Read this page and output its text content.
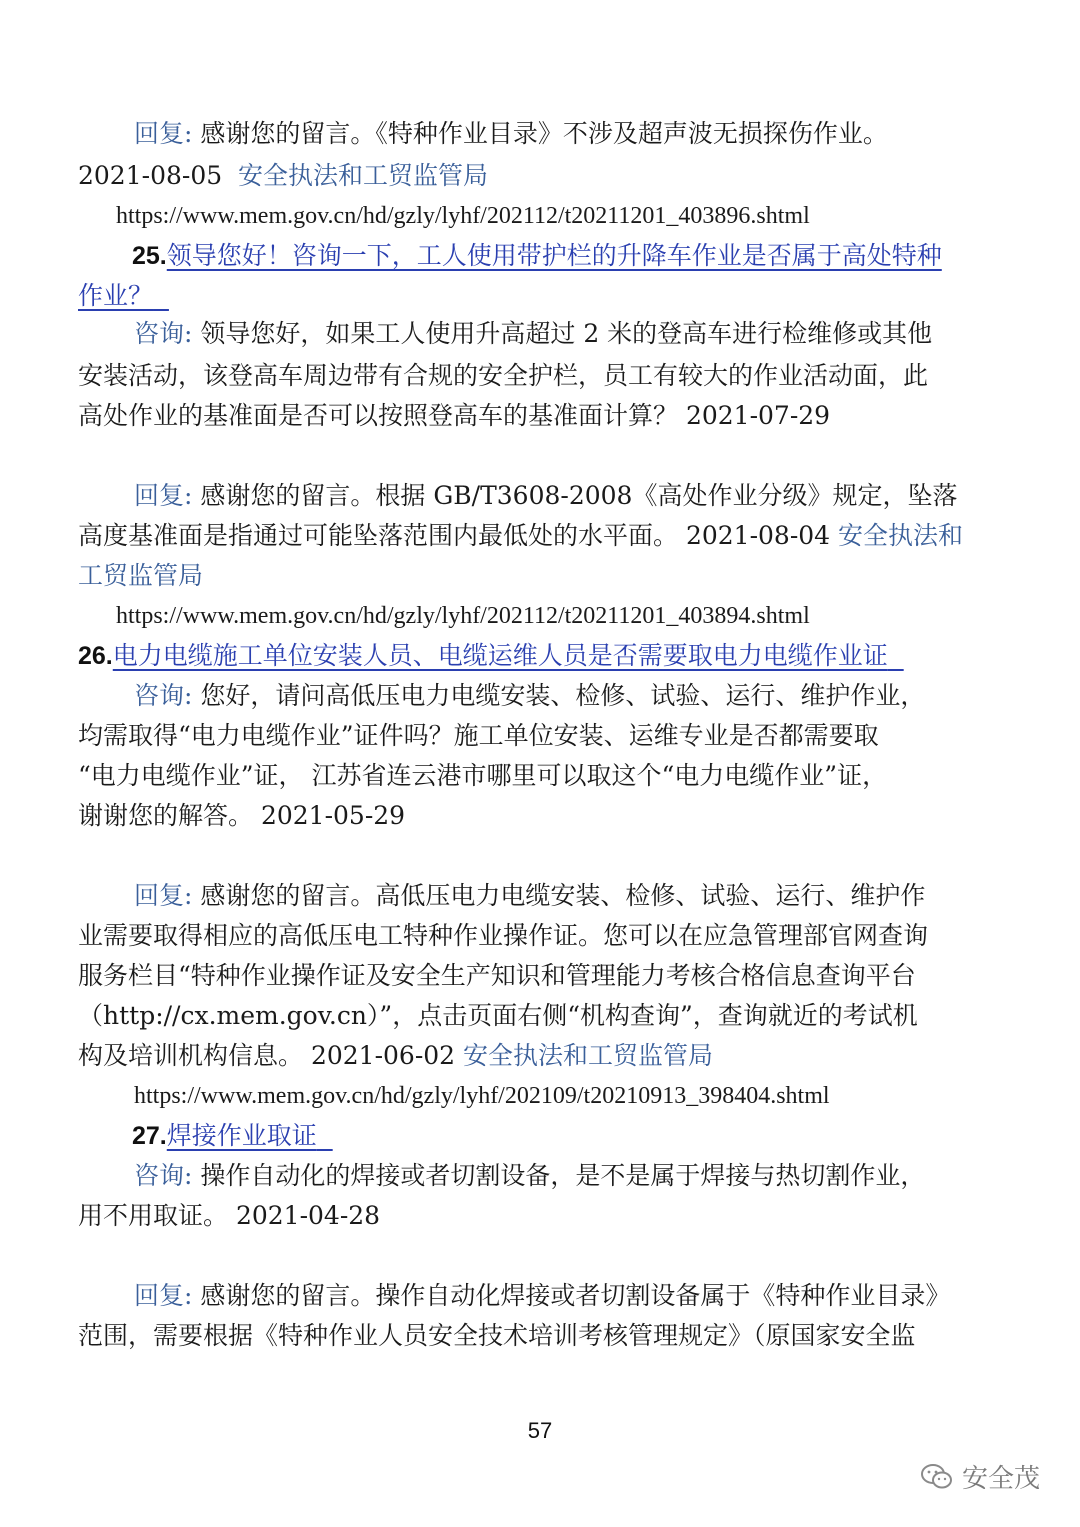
回复: 感谢您的留言。《特种作业目录》不涉及超声波无损探伤作业。
2021-08-05 安全执法和工贸监管局
https://www.mem.gov.cn/hd/gzly/lyhf/202112/t20211201_403896.shtml
25.领导您好！咨询一下，工人使用带护栏的升降车作业是否属于高处特种
作业？
咨询: 领导您好，如果工人使用升高超过 2 米的登高车进行检维修或其他
安装活动，该登高车周边带有合规的安全护栏，员工有较大的作业活动面，此
高处作业的基准面是否可以按照登高车的基准面计算？ 2021-07-29
回复: 感谢您的留言。根据 GB/T3608-2008《高处作业分级》规定，坠落
高度基准面是指通过可能坠落范围内最低处的水平面。 2021-08-04 安全执法和
工贸监管局
https://www.mem.gov.cn/hd/gzly/lyhf/202112/t20211201_403894.shtml
26.电力电缆施工单位安装人员、电缆运维人员是否需要取电力电缆作业证
咨询: 您好，请问高低压电力电缆安装、检修、试验、运行、维护作业，
均需取得“电力电缆作业”证件吗？施工单位安装、运维专业是否都需要取
“电力电缆作业”证， 江苏省连云港市哪里可以取这个“电力电缆作业”证，
谢谢您的解答。 2021-05-29
回复: 感谢您的留言。高低压电力电缆安装、检修、试验、运行、维护作
业需要取得相应的高低压电工特种作业操作证。您可以在应急管理部官网查询
服务栏目“特种作业操作证及安全生产知识和管理能力考核合格信息查询平台
（http://cx.mem.gov.cn）”，点击页面右侧“机构查询”，查询就近的考试机
构及培训机构信息。 2021-06-02 安全执法和工贸监管局
https://www.mem.gov.cn/hd/gzly/lyhf/202109/t20210913_398404.shtml
27.焊接作业取证
咨询: 操作自动化的焊接或者切割设备，是不是属于焊接与热切割作业，
用不用取证。 2021-04-28
回复: 感谢您的留言。操作自动化焊接或者切割设备属于《特种作业目录》
范围，需要根据《特种作业人员安全技术培训考核管理规定》（原国家安全监
57
安全茂
